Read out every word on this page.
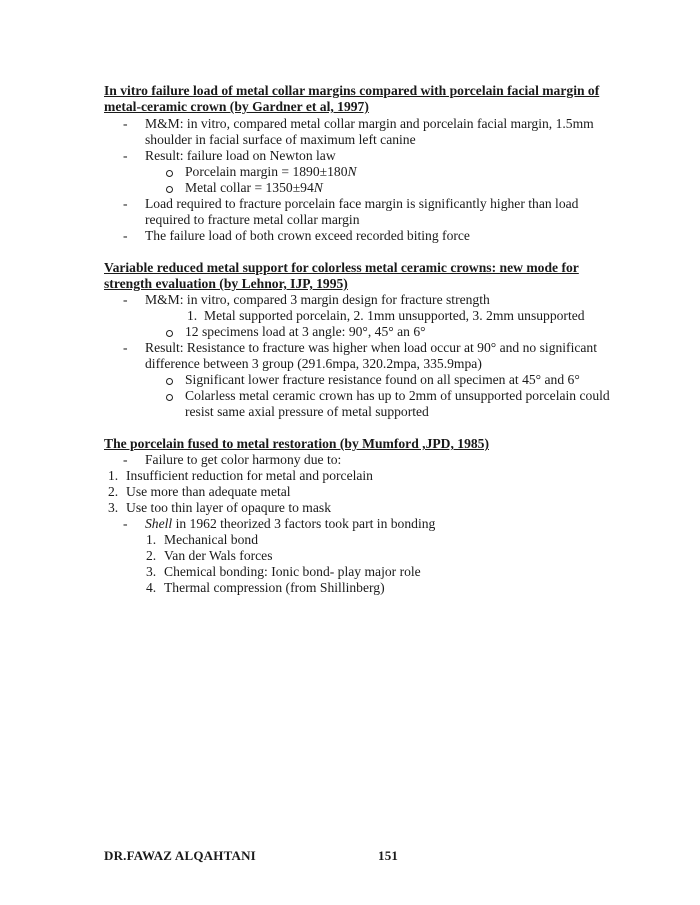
In vitro failure load of metal collar margins compared with porcelain facial margin of
metal-ceramic crown (by Gardner et al, 1997)
- M&M: in vitro, compared metal collar margin and porcelain facial margin, 1.5mm
shoulder in facial surface of maximum left canine
- Result: failure load on Newton law
Porcelain margin = 1890±180N
Metal collar = 1350±94N
- Load required to fracture porcelain face margin is significantly higher than load
required to fracture metal collar margin
- The failure load of both crown exceed recorded biting force
Variable reduced metal support for colorless metal ceramic crowns: new mode for
strength evaluation (by Lehnor, IJP, 1995)
- M&M: in vitro, compared 3 margin design for fracture strength
1. Metal supported porcelain, 2. 1mm unsupported, 3. 2mm unsupported
12 specimens load at 3 angle: 90°, 45° an 6°
- Result: Resistance to fracture was higher when load occur at 90° and no significant
difference between 3 group (291.6mpa, 320.2mpa, 335.9mpa)
Significant lower fracture resistance found on all specimen at 45° and 6°
Colarless metal ceramic crown has up to 2mm of unsupported porcelain could
resist same axial pressure of metal supported
The porcelain fused to metal restoration (by Mumford ,JPD, 1985)
- Failure to get color harmony due to:
1. Insufficient reduction for metal and porcelain
2. Use more than adequate metal
3. Use too thin layer of opaqure to mask
- Shell in 1962 theorized 3 factors took part in bonding
1. Mechanical bond
2. Van der Wals forces
3. Chemical bonding: Ionic bond- play major role
4. Thermal compression (from Shillinberg)
DR.FAWAZ ALQAHTANI	151
